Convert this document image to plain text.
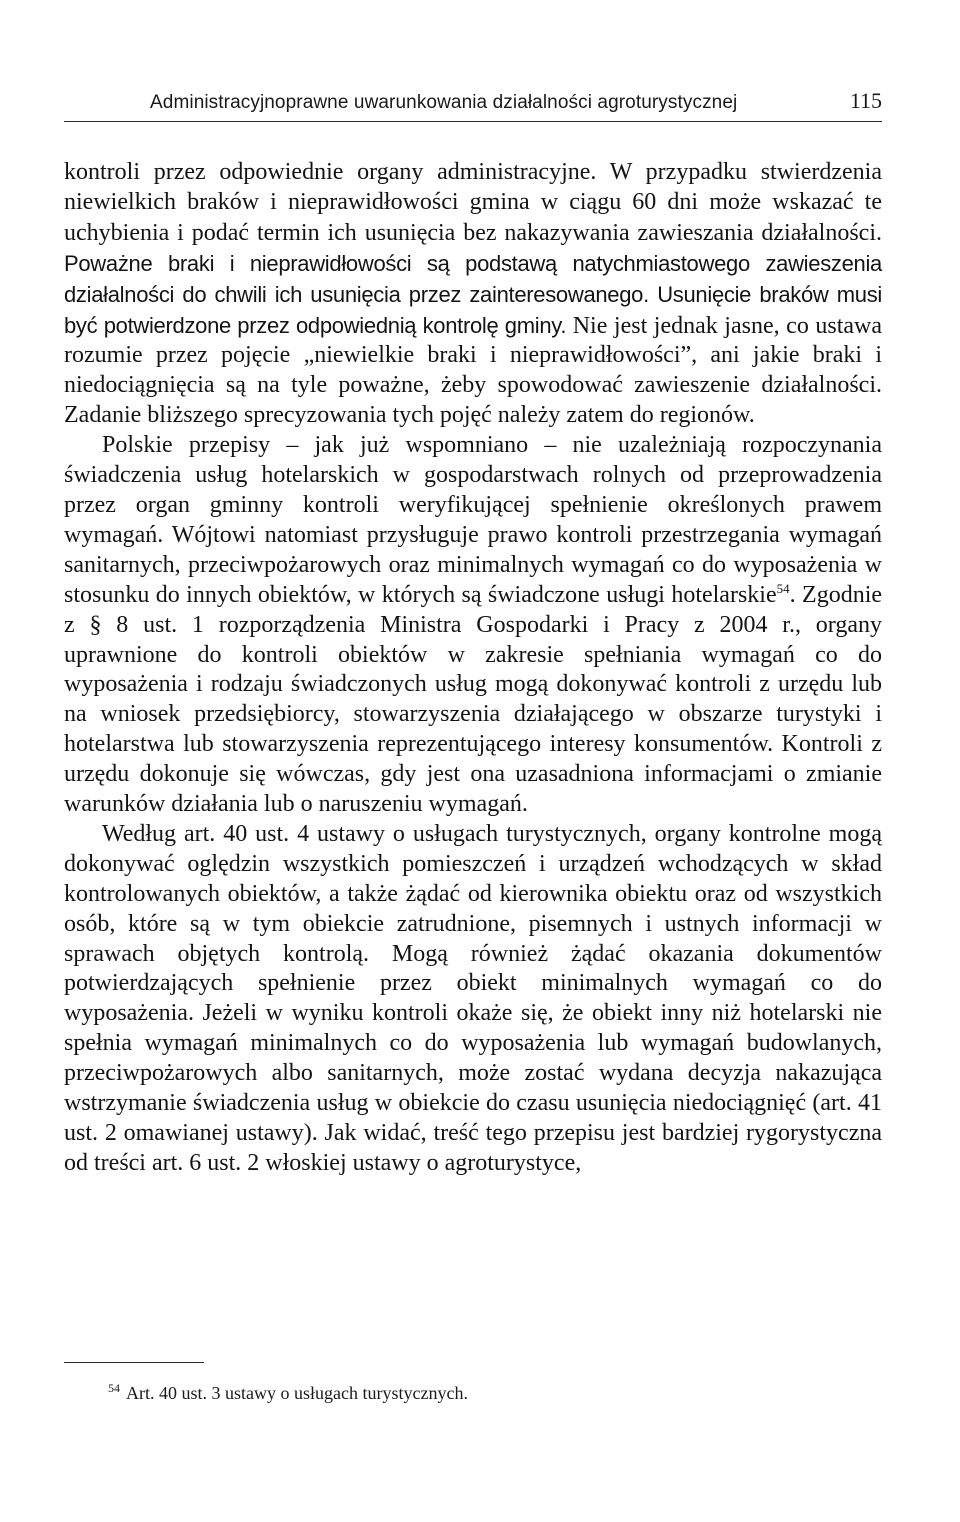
Administracyjnoprawne uwarunkowania działalności agroturystycznej	115

kontroli przez odpowiednie organy administracyjne. W przypadku stwierdzenia niewielkich braków i nieprawidłowości gmina w ciągu 60 dni może wskazać te uchybienia i podać termin ich usunięcia bez nakazywania zawieszania działalności. Poważne braki i nieprawidłowości są podstawą natychmiastowego zawieszenia działalności do chwili ich usunięcia przez zainteresowanego. Usunięcie braków musi być potwierdzone przez odpowiednią kontrolę gminy. Nie jest jednak jasne, co ustawa rozumie przez pojęcie „niewielkie braki i nieprawidłowości”, ani jakie braki i niedociągnięcia są na tyle poważne, żeby spowodować zawieszenie działalności. Zadanie bliższego sprecyzowania tych pojęć należy zatem do regionów.

Polskie przepisy – jak już wspomniano – nie uzależniają rozpoczynania świadczenia usług hotelarskich w gospodarstwach rolnych od przeprowadzenia przez organ gminny kontroli weryfikującej spełnienie określonych prawem wymagań. Wójtowi natomiast przysługuje prawo kontroli przestrzegania wymagań sanitarnych, przeciwpożarowych oraz minimalnych wymagań co do wyposażenia w stosunku do innych obiektów, w których są świadczone usługi hotelarskie$^{54}$. Zgodnie z § 8 ust. 1 rozporządzenia Ministra Gospodarki i Pracy z 2004 r., organy uprawnione do kontroli obiektów w zakresie spełniania wymagań co do wyposażenia i rodzaju świadczonych usług mogą dokonywać kontroli z urzędu lub na wniosek przedsiębiorcy, stowarzyszenia działającego w obszarze turystyki i hotelarstwa lub stowarzyszenia reprezentującego interesy konsumentów. Kontroli z urzędu dokonuje się wówczas, gdy jest ona uzasadniona informacjami o zmianie warunków działania lub o naruszeniu wymagań.

Według art. 40 ust. 4 ustawy o usługach turystycznych, organy kontrolne mogą dokonywać oględzin wszystkich pomieszczeń i urządzeń wchodzących w skład kontrolowanych obiektów, a także żądać od kierownika obiektu oraz od wszystkich osób, które są w tym obiekcie zatrudnione, pisemnych i ustnych informacji w sprawach objętych kontrolą. Mogą również żądać okazania dokumentów potwierdzających spełnienie przez obiekt minimalnych wymagań co do wyposażenia. Jeżeli w wyniku kontroli okaże się, że obiekt inny niż hotelarski nie spełnia wymagań minimalnych co do wyposażenia lub wymagań budowlanych, przeciwpożarowych albo sanitarnych, może zostać wydana decyzja nakazująca wstrzymanie świadczenia usług w obiekcie do czasu usunięcia niedociągnięć (art. 41 ust. 2 omawianej ustawy). Jak widać, treść tego przepisu jest bardziej rygorystyczna od treści art. 6 ust. 2 włoskiej ustawy o agroturystyce,

$^{54}$ Art. 40 ust. 3 ustawy o usługach turystycznych.
